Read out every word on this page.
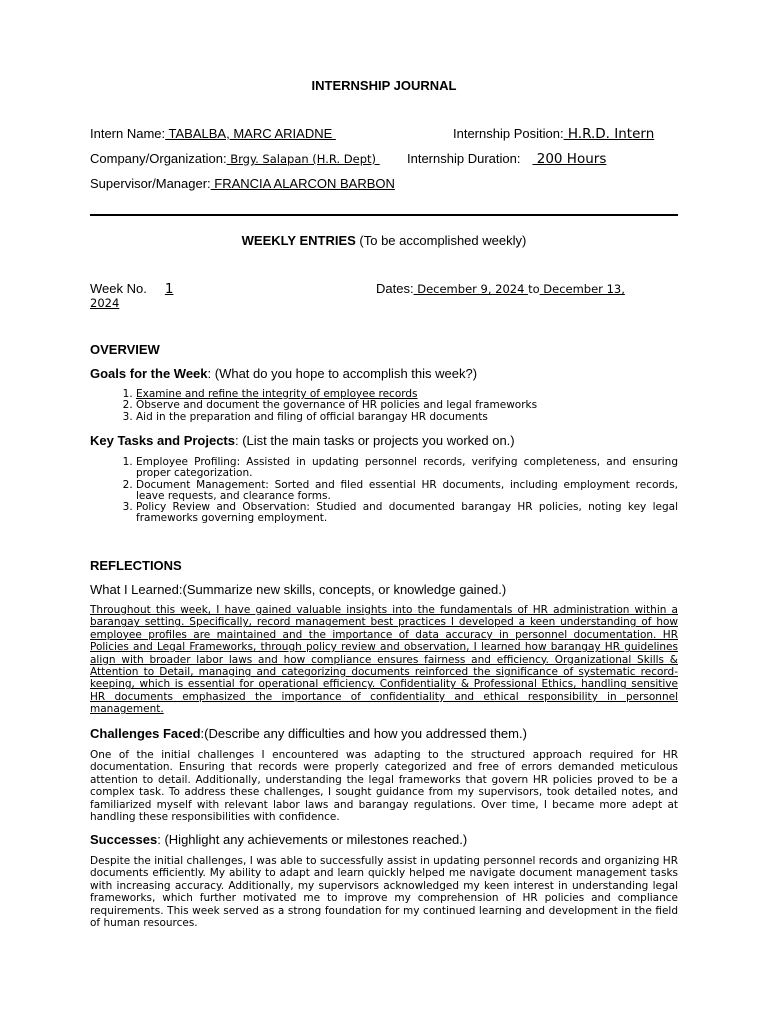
INTERNSHIP JOURNAL
Intern Name: TABALBA, MARC ARIADNE	Internship Position: H.R.D. Intern
Company/Organization: Brgy. Salapan (H.R. Dept) Internship Duration: 200 Hours
Supervisor/Manager: FRANCIA ALARCON BARBON
WEEKLY ENTRIES (To be accomplished weekly)
Week No. 1	Dates: December 9, 2024 to December 13,
2024
OVERVIEW
Goals for the Week: (What do you hope to accomplish this week?)
1. Examine and refine the integrity of employee records
2. Observe and document the governance of HR policies and legal frameworks
3. Aid in the preparation and filing of official barangay HR documents
Key Tasks and Projects: (List the main tasks or projects you worked on.)
1. Employee Profiling: Assisted in updating personnel records, verifying completeness, and ensuring proper categorization.
2. Document Management: Sorted and filed essential HR documents, including employment records, leave requests, and clearance forms.
3. Policy Review and Observation: Studied and documented barangay HR policies, noting key legal frameworks governing employment.
REFLECTIONS
What I Learned:(Summarize new skills, concepts, or knowledge gained.)

Throughout this week, I have gained valuable insights into the fundamentals of HR administration within a barangay setting. Specifically, record management best practices I developed a keen understanding of how employee profiles are maintained and the importance of data accuracy in personnel documentation. HR Policies and Legal Frameworks, through policy review and observation, I learned how barangay HR guidelines align with broader labor laws and how compliance ensures fairness and efficiency. Organizational Skills & Attention to Detail, managing and categorizing documents reinforced the significance of systematic record-keeping, which is essential for operational efficiency. Confidentiality & Professional Ethics, handling sensitive HR documents emphasized the importance of confidentiality and ethical responsibility in personnel management.

Challenges Faced:(Describe any difficulties and how you addressed them.)

One of the initial challenges I encountered was adapting to the structured approach required for HR documentation. Ensuring that records were properly categorized and free of errors demanded meticulous attention to detail. Additionally, understanding the legal frameworks that govern HR policies proved to be a complex task. To address these challenges, I sought guidance from my supervisors, took detailed notes, and familiarized myself with relevant labor laws and barangay regulations. Over time, I became more adept at handling these responsibilities with confidence.

Successes: (Highlight any achievements or milestones reached.)

Despite the initial challenges, I was able to successfully assist in updating personnel records and organizing HR documents efficiently. My ability to adapt and learn quickly helped me navigate document management tasks with increasing accuracy. Additionally, my supervisors acknowledged my keen interest in understanding legal frameworks, which further motivated me to improve my comprehension of HR policies and compliance requirements. This week served as a strong foundation for my continued learning and development in the field of human resources.
